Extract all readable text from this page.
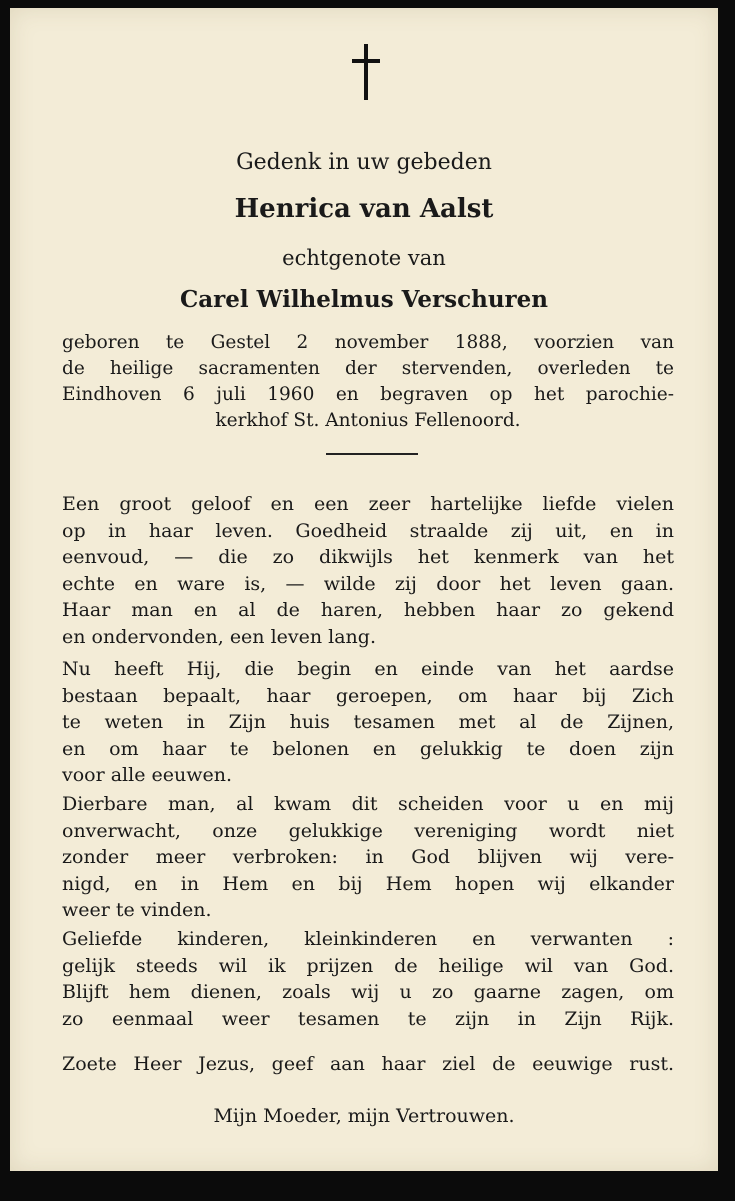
Gedenk in uw gebeden

Henrica van Aalst

echtgenote van

Carel Wilhelmus Verschuren

geboren te Gestel 2 november 1888, voorzien van
de heilige sacramenten der stervenden, overleden te
Eindhoven 6 juli 1960 en begraven op het parochie-
kerkhof St. Antonius Fellenoord.
Een groot geloof en een zeer hartelijke liefde vielen
op in haar leven. Goedheid straalde zij uit, en in
eenvoud, — die zo dikwijls het kenmerk van het
echte en ware is, — wilde zij door het leven gaan.
Haar man en al de haren, hebben haar zo gekend
en ondervonden, een leven lang.
Nu heeft Hij, die begin en einde van het aardse
bestaan bepaalt, haar geroepen, om haar bij Zich
te weten in Zijn huis tesamen met al de Zijnen,
en om haar te belonen en gelukkig te doen zijn
voor alle eeuwen.
Dierbare man, al kwam dit scheiden voor u en mij
onverwacht, onze gelukkige vereniging wordt niet
zonder meer verbroken: in God blijven wij vere-
nigd, en in Hem en bij Hem hopen wij elkander
weer te vinden.
Geliefde kinderen, kleinkinderen en verwanten :
gelijk steeds wil ik prijzen de heilige wil van God.
Blijft hem dienen, zoals wij u zo gaarne zagen, om
zo eenmaal weer tesamen te zijn in Zijn Rijk.
Zoete Heer Jezus, geef aan haar ziel de eeuwige rust.

Mijn Moeder, mijn Vertrouwen.
